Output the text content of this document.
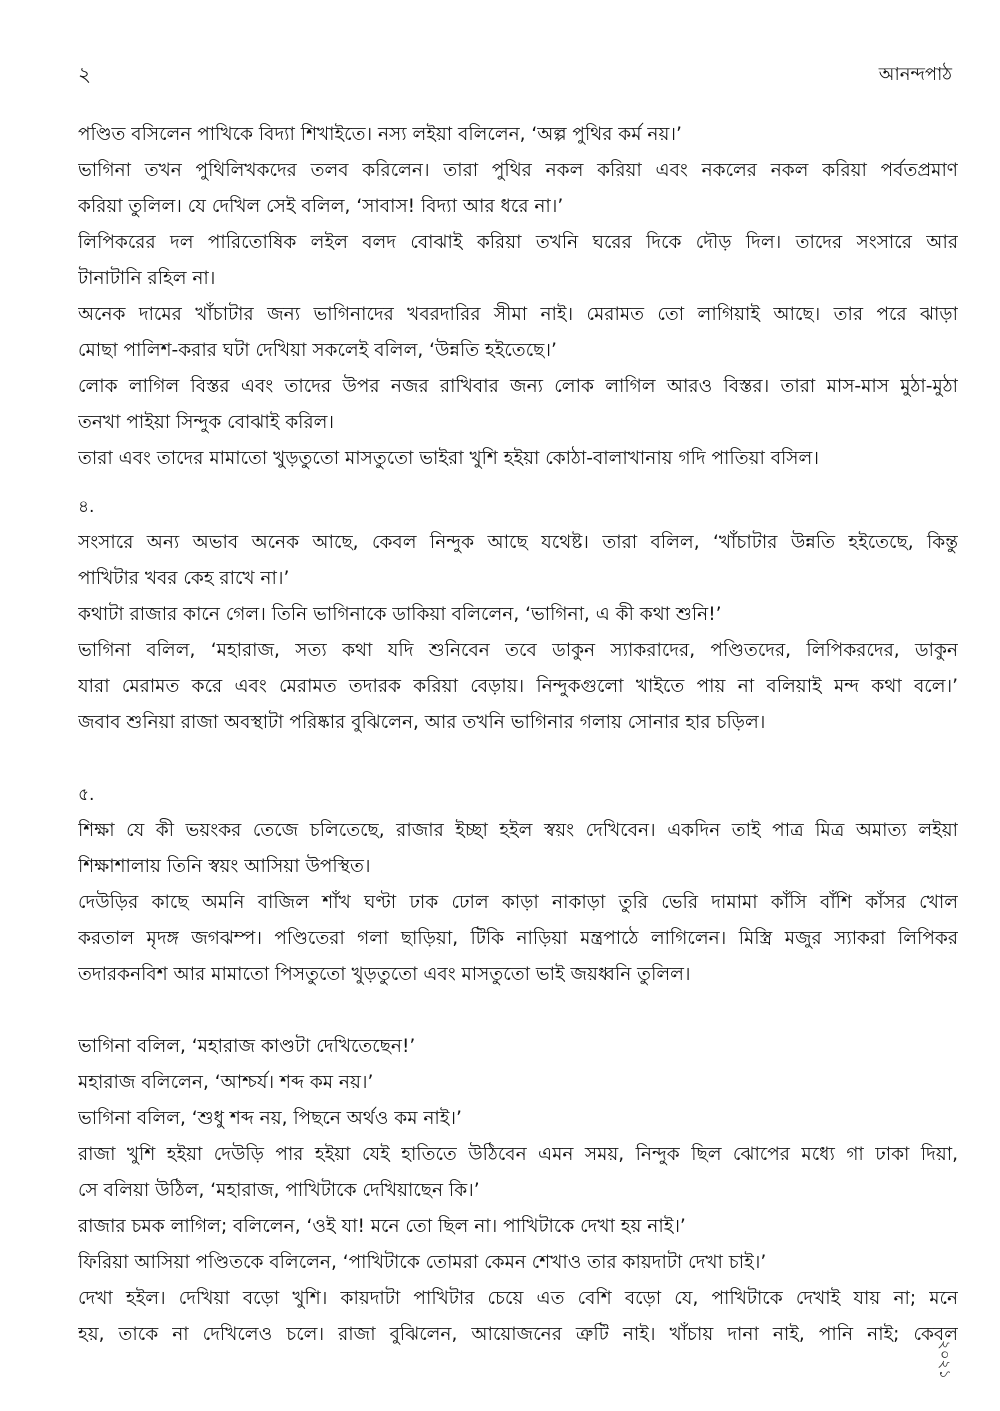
২	আনন্দপাঠ
পণ্ডিত বসিলেন পাখিকে বিদ্যা শিখাইতে। নস্য লইয়া বলিলেন, ‘অল্প পুথির কর্ম নয়।’
ভাগিনা তখন পুথিলিখকদের তলব করিলেন। তারা পুথির নকল করিয়া এবং নকলের নকল করিয়া পর্বতপ্রমাণ
করিয়া তুলিল। যে দেখিল সেই বলিল, ‘সাবাস! বিদ্যা আর ধরে না।’
লিপিকরের দল পারিতোষিক লইল বলদ বোঝাই করিয়া তখনি ঘরের দিকে দৌড় দিল। তাদের সংসারে আর
টানাটানি রহিল না।
অনেক দামের খাঁচাটার জন্য ভাগিনাদের খবরদারির সীমা নাই। মেরামত তো লাগিয়াই আছে। তার পরে ঝাড়া
মোছা পালিশ-করার ঘটা দেখিয়া সকলেই বলিল, ‘উন্নতি হইতেছে।’
লোক লাগিল বিস্তর এবং তাদের উপর নজর রাখিবার জন্য লোক লাগিল আরও বিস্তর। তারা মাস-মাস মুঠা-মুঠা
তনখা পাইয়া সিন্দুক বোঝাই করিল।
তারা এবং তাদের মামাতো খুড়তুতো মাসতুতো ভাইরা খুশি হইয়া কোঠা-বালাখানায় গদি পাতিয়া বসিল।
৪.
সংসারে অন্য অভাব অনেক আছে, কেবল নিন্দুক আছে যথেষ্ট। তারা বলিল, ‘খাঁচাটার উন্নতি হইতেছে, কিন্তু
পাখিটার খবর কেহ রাখে না।’
কথাটা রাজার কানে গেল। তিনি ভাগিনাকে ডাকিয়া বলিলেন, ‘ভাগিনা, এ কী কথা শুনি!’
ভাগিনা বলিল, ‘মহারাজ, সত্য কথা যদি শুনিবেন তবে ডাকুন স্যাকরাদের, পণ্ডিতদের, লিপিকরদের, ডাকুন
যারা মেরামত করে এবং মেরামত তদারক করিয়া বেড়ায়। নিন্দুকগুলো খাইতে পায় না বলিয়াই মন্দ কথা বলে।’
জবাব শুনিয়া রাজা অবস্থাটা পরিষ্কার বুঝিলেন, আর তখনি ভাগিনার গলায় সোনার হার চড়িল।
৫.
শিক্ষা যে কী ভয়ংকর তেজে চলিতেছে, রাজার ইচ্ছা হইল স্বয়ং দেখিবেন। একদিন তাই পাত্র মিত্র অমাত্য লইয়া
শিক্ষাশালায় তিনি স্বয়ং আসিয়া উপস্থিত।
দেউড়ির কাছে অমনি বাজিল শাঁখ ঘণ্টা ঢাক ঢোল কাড়া নাকাড়া তুরি ভেরি দামামা কাঁসি বাঁশি কাঁসর খোল
করতাল মৃদঙ্গ জগঝম্প। পণ্ডিতেরা গলা ছাড়িয়া, টিকি নাড়িয়া মন্ত্রপাঠে লাগিলেন। মিস্ত্রি মজুর স্যাকরা লিপিকর
তদারকনবিশ আর মামাতো পিসতুতো খুড়তুতো এবং মাসতুতো ভাই জয়ধ্বনি তুলিল।
ভাগিনা বলিল, ‘মহারাজ কাণ্ডটা দেখিতেছেন!’
মহারাজ বলিলেন, ‘আশ্চর্য। শব্দ কম নয়।’
ভাগিনা বলিল, ‘শুধু শব্দ নয়, পিছনে অর্থও কম নাই।’
রাজা খুশি হইয়া দেউড়ি পার হইয়া যেই হাতিতে উঠিবেন এমন সময়, নিন্দুক ছিল ঝোপের মধ্যে গা ঢাকা দিয়া,
সে বলিয়া উঠিল, ‘মহারাজ, পাখিটাকে দেখিয়াছেন কি।’
রাজার চমক লাগিল; বলিলেন, ‘ওই যা! মনে তো ছিল না। পাখিটাকে দেখা হয় নাই।’
ফিরিয়া আসিয়া পণ্ডিতকে বলিলেন, ‘পাখিটাকে তোমরা কেমন শেখাও তার কায়দাটা দেখা চাই।’
দেখা হইল। দেখিয়া বড়ো খুশি। কায়দাটা পাখিটার চেয়ে এত বেশি বড়ো যে, পাখিটাকে দেখাই যায় না; মনে
হয়, তাকে না দেখিলেও চলে। রাজা বুঝিলেন, আয়োজনের ত্রুটি নাই। খাঁচায় দানা নাই, পানি নাই; কেবল
২০২১
